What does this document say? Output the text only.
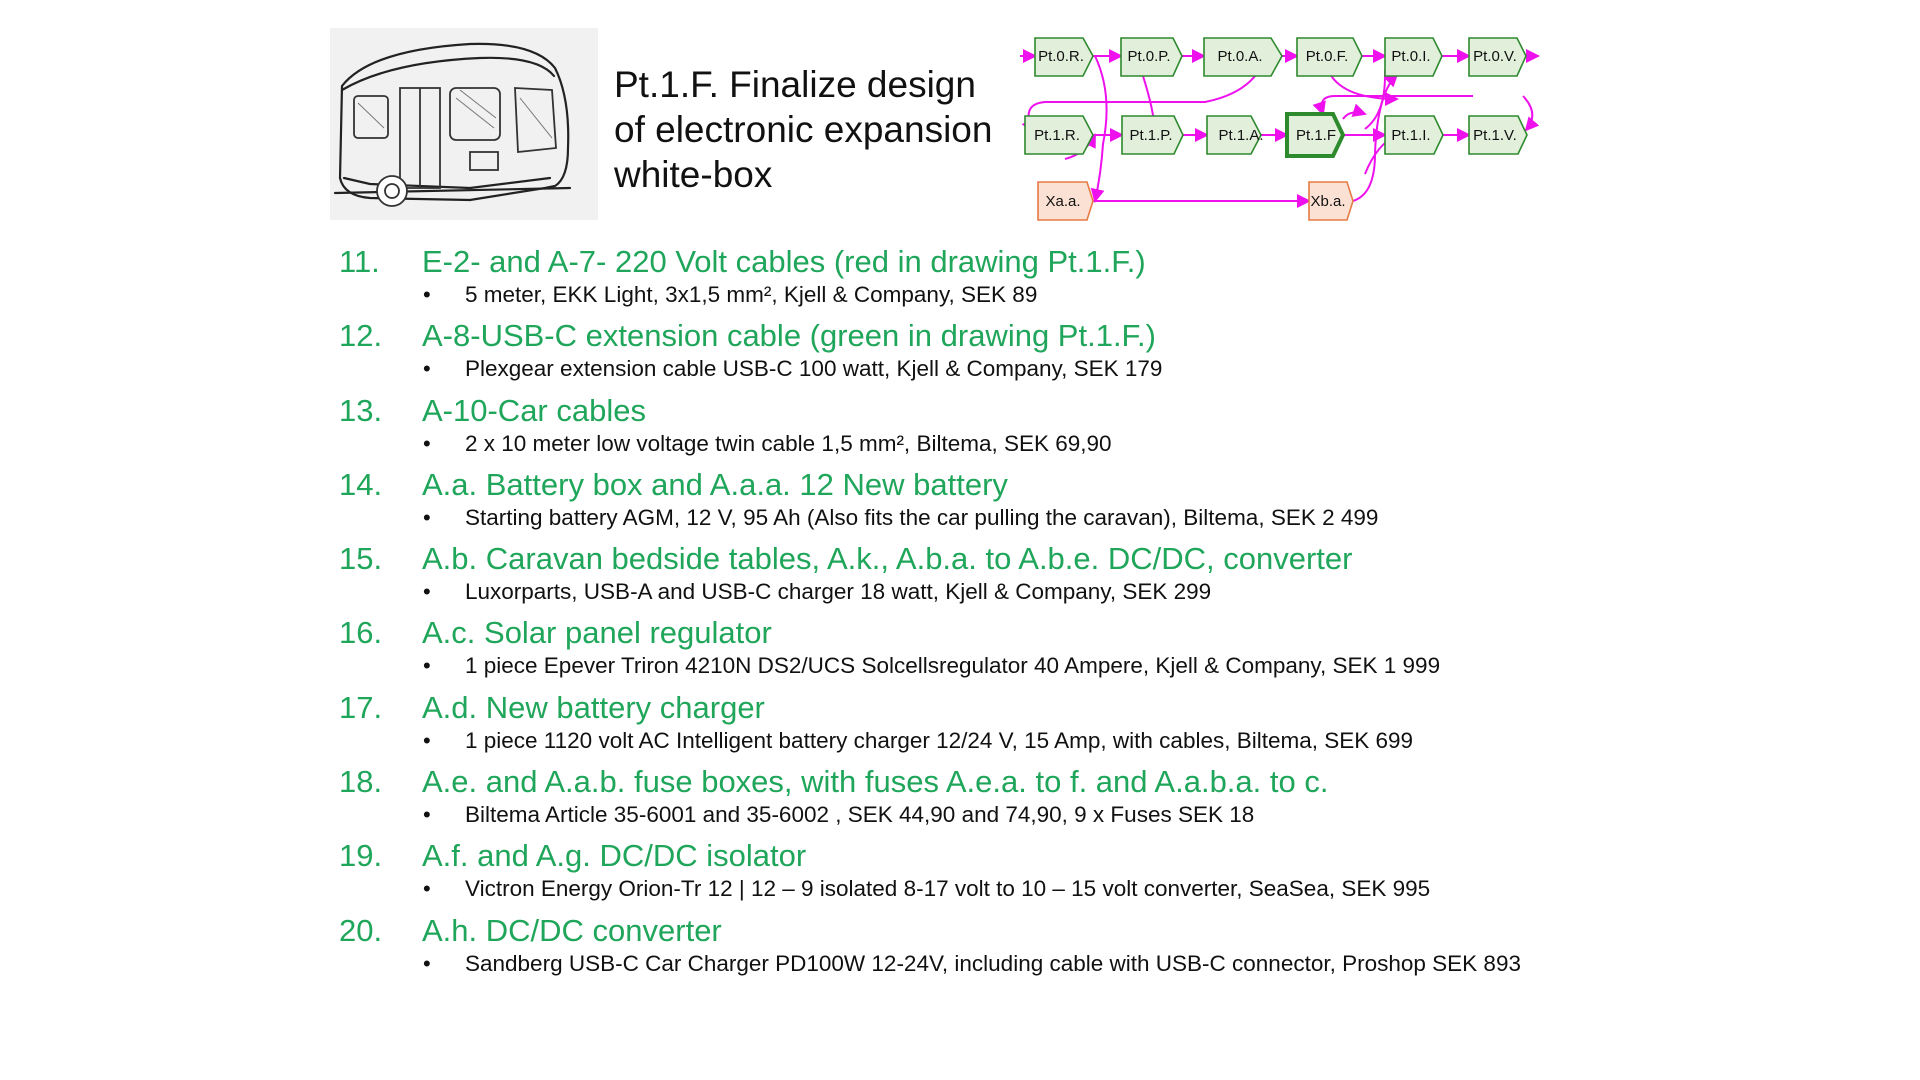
Pt.1.F. Finalize design
of electronic expansion
white-box
Pt.0.R.	Pt.0.P.	Pt.0.A.	Pt.0.F.	Pt.0.I.	Pt.0.V.
Pt.1.R.	Pt.1.P.	Pt.1.A. Pt.1.F	Pt.1.I.	Pt.1.V.
Xa.a.	Xb.a.
11. E-2- and A-7- 220 Volt cables (red in drawing Pt.1.F.)
• 5 meter, EKK Light, 3x1,5 mm², Kjell & Company, SEK 89
12. A-8-USB-C extension cable (green in drawing Pt.1.F.)
• Plexgear extension cable USB-C 100 watt, Kjell & Company, SEK 179
13. A-10-Car cables
• 2 x 10 meter low voltage twin cable 1,5 mm², Biltema, SEK 69,90
14. A.a. Battery box and A.a.a. 12 New battery
• Starting battery AGM, 12 V, 95 Ah (Also fits the car pulling the caravan), Biltema, SEK 2 499
15. A.b. Caravan bedside tables, A.k., A.b.a. to A.b.e. DC/DC, converter
• Luxorparts, USB-A and USB-C charger 18 watt, Kjell & Company, SEK 299
16. A.c. Solar panel regulator
• 1 piece Epever Triron 4210N DS2/UCS Solcellsregulator 40 Ampere, Kjell & Company, SEK 1 999
17. A.d. New battery charger
• 1 piece 1120 volt AC Intelligent battery charger 12/24 V, 15 Amp, with cables, Biltema, SEK 699
18. A.e. and A.a.b. fuse boxes, with fuses A.e.a. to f. and A.a.b.a. to c.
• Biltema Article 35-6001 and 35-6002 , SEK 44,90 and 74,90, 9 x Fuses SEK 18
19. A.f. and A.g. DC/DC isolator
• Victron Energy Orion-Tr 12 | 12 – 9 isolated 8-17 volt to 10 – 15 volt converter, SeaSea, SEK 995
20. A.h. DC/DC converter
• Sandberg USB-C Car Charger PD100W 12-24V, including cable with USB-C connector, Proshop SEK 893
